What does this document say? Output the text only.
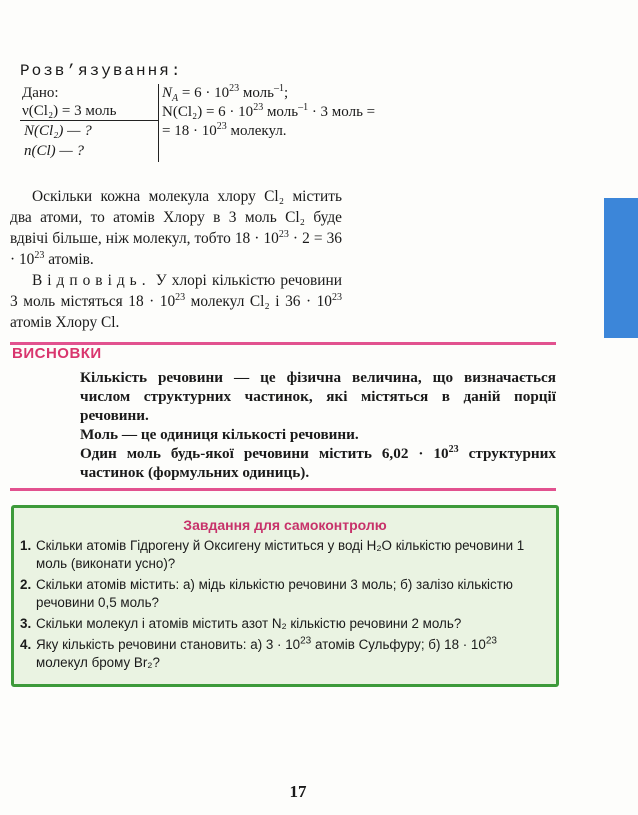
Розв’язування:
Дано:
ν(Cl₂) = 3 моль
N(Cl₂) — ?
n(Cl) — ?
$N_A = 6 \cdot 10^{23}$ моль$^{-1}$;
$N(Cl_2) = 6 \cdot 10^{23}$ моль$^{-1}$ · 3 моль =
= $18 \cdot 10^{23}$ молекул.

Оскільки кожна молекула хлору Cl₂ містить два атоми, то атомів Хлору в 3 моль Cl₂ буде вдвічі більше, ніж молекул, тобто $18 \cdot 10^{23} \cdot 2 = 36 \cdot 10^{23}$ атомів.

Відповідь. У хлорі кількістю речовини 3 моль містяться $18 \cdot 10^{23}$ молекул Cl₂ і $36 \cdot 10^{23}$ атомів Хлору Cl.

ВИСНОВКИ

Кількість речовини — це фізична величина, що визначається числом структурних частинок, які містяться в даній порції речовини.

Моль — це одиниця кількості речовини.

Один моль будь-якої речовини містить $6,02 \cdot 10^{23}$ структурних частинок (формульних одиниць).

Завдання для самоконтролю
1. Скільки атомів Гідрогену й Оксигену міститься у воді H₂O кількістю речовини 1 моль (виконати усно)?
2. Скільки атомів містить: а) мідь кількістю речовини 3 моль; б) залізо кількістю речовини 0,5 моль?
3. Скільки молекул і атомів містить азот N₂ кількістю речовини 2 моль?
4. Яку кількість речовини становить: а) $3 \cdot 10^{23}$ атомів Сульфуру; б) $18 \cdot 10^{23}$ молекул брому Br₂?
17
